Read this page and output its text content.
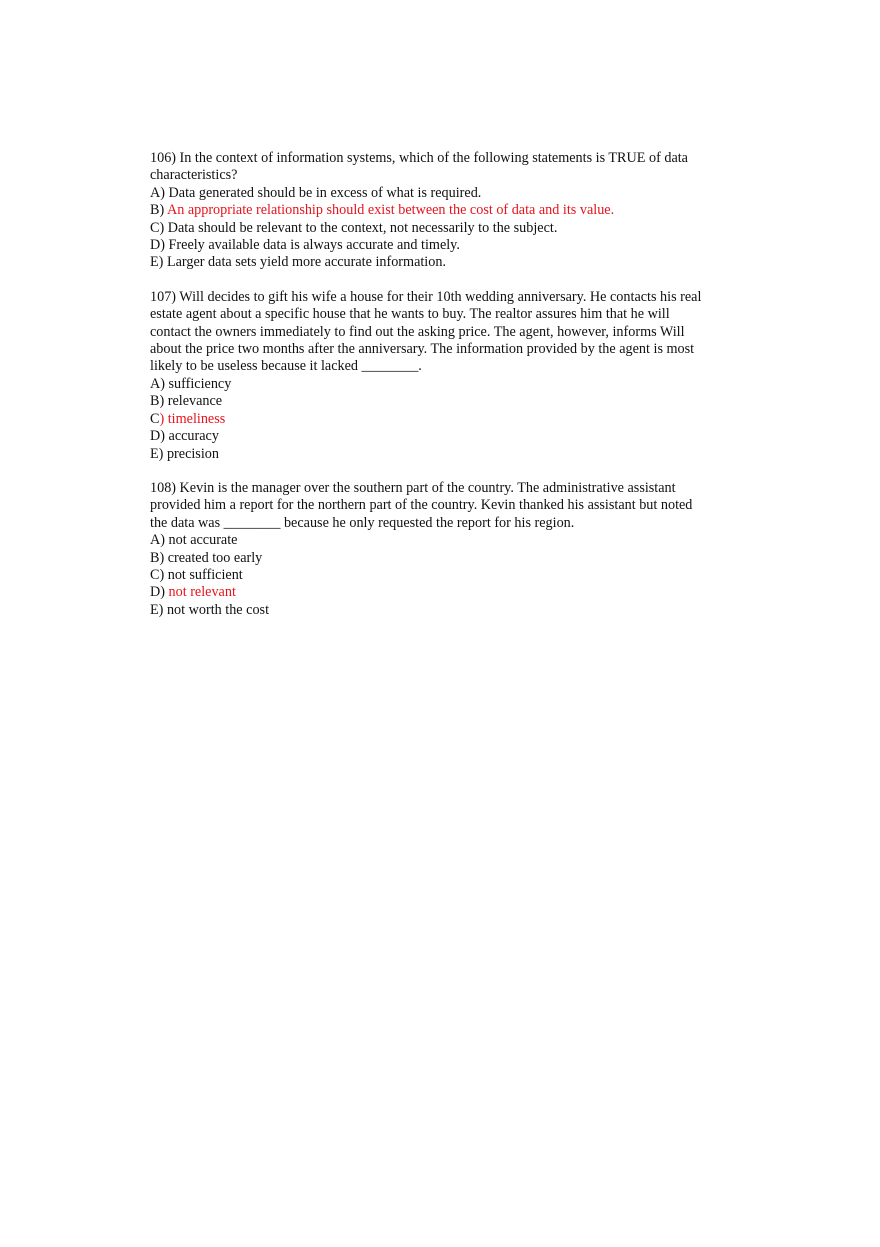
106) In the context of information systems, which of the following statements is TRUE of data
characteristics?
A) Data generated should be in excess of what is required.
B) An appropriate relationship should exist between the cost of data and its value.
C) Data should be relevant to the context, not necessarily to the subject.
D) Freely available data is always accurate and timely.
E) Larger data sets yield more accurate information.
107) Will decides to gift his wife a house for their 10th wedding anniversary. He contacts his real
estate agent about a specific house that he wants to buy. The realtor assures him that he will
contact the owners immediately to find out the asking price. The agent, however, informs Will
about the price two months after the anniversary. The information provided by the agent is most
likely to be useless because it lacked ________.
A) sufficiency
B) relevance
C) timeliness
D) accuracy
E) precision
108) Kevin is the manager over the southern part of the country. The administrative assistant
provided him a report for the northern part of the country. Kevin thanked his assistant but noted
the data was ________ because he only requested the report for his region.
A) not accurate
B) created too early
C) not sufficient
D) not relevant
E) not worth the cost
